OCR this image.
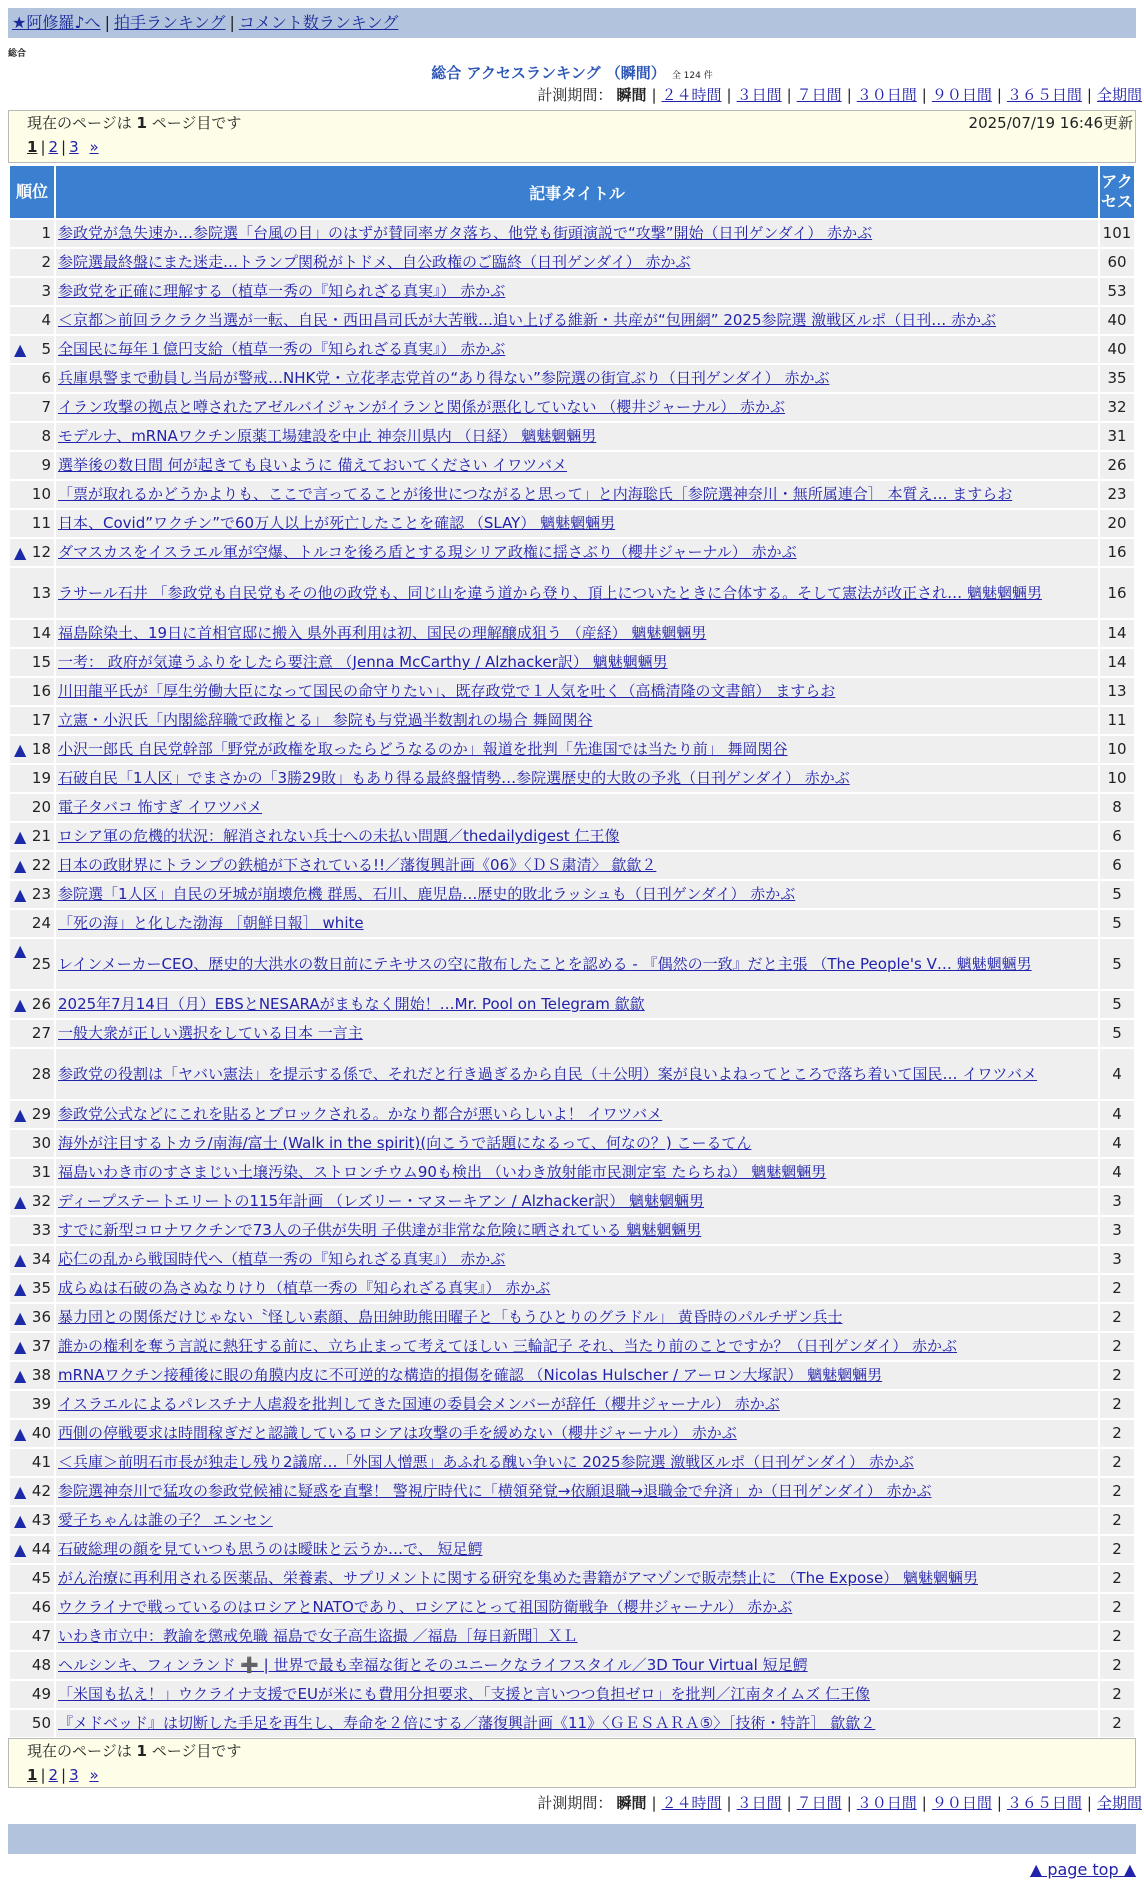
★阿修羅♪へ | 拍手ランキング | コメント数ランキング
総合
総合 アクセスランキング （瞬間） 全 124 件
計測期間： 瞬間 | ２４時間 | ３日間 | ７日間 | ３０日間 | ９０日間 | ３６５日間 | 全期間
現在のページは 1 ページ目です	2025/07/19 16:46更新
1 | 2 | 3 »
順位	記事タイトル	アクセス
1	参政党が急失速か…参院選「台風の目」のはずが賛同率ガタ落ち、他党も街頭演説で“攻撃”開始（日刊ゲンダイ） 赤かぶ	101
2	参院選最終盤にまた迷走…トランプ関税がトドメ、自公政権のご臨終（日刊ゲンダイ） 赤かぶ	60
3	参政党を正確に理解する（植草一秀の『知られざる真実』） 赤かぶ	53
4	＜京都＞前回ラクラク当選が一転、自民・西田昌司氏が大苦戦…追い上げる維新・共産が“包囲網” 2025参院選 激戦区ルポ（日刊… 赤かぶ	40

▲ 5	全国民に毎年１億円支給（植草一秀の『知られざる真実』） 赤かぶ	40
6	兵庫県警まで動員し当局が警戒…NHK党・立花孝志党首の“あり得ない”参院選の街宣ぶり（日刊ゲンダイ） 赤かぶ	35
7	イラン攻撃の拠点と噂されたアゼルバイジャンがイランと関係が悪化していない （櫻井ジャーナル） 赤かぶ	32
8	モデルナ、mRNAワクチン原薬工場建設を中止 神奈川県内 （日経） 魑魅魍魎男	31
9	選挙後の数日間 何が起きても良いように 備えておいてください イワツバメ	26
10	「票が取れるかどうかよりも、ここで言ってることが後世につながると思って」と内海聡氏［参院選神奈川・無所属連合］ 本質え… ますらお	23
11	日本、Covid”ワクチン”で60万人以上が死亡したことを確認 （SLAY） 魑魅魍魎男	20

▲ 12	ダマスカスをイスラエル軍が空爆、トルコを後ろ盾とする現シリア政権に揺さぶり（櫻井ジャーナル） 赤かぶ	16
13	ラサール石井 「参政党も自民党もその他の政党も、同じ山を違う道から登り、頂上についたときに合体する。そして憲法が改正され… 魑魅魍魎男	16
14	福島除染土、19日に首相官邸に搬入 県外再利用は初、国民の理解醸成狙う （産経） 魑魅魍魎男	14
15	一考： 政府が気違うふりをしたら要注意 （Jenna McCarthy / Alzhacker訳） 魑魅魍魎男	14
16	川田龍平氏が「厚生労働大臣になって国民の命守りたい」、既存政党で１人気を吐く（高橋清隆の文書館） ますらお	13
17	立憲・小沢氏「内閣総辞職で政権とる」 参院も与党過半数割れの場合 舞岡関谷	11

▲ 18	小沢一郎氏 自民党幹部「野党が政権を取ったらどうなるのか」報道を批判「先進国では当たり前」 舞岡関谷	10
19	石破自民「1人区」でまさかの「3勝29敗」もあり得る最終盤情勢…参院選歴史的大敗の予兆（日刊ゲンダイ） 赤かぶ	10
20	電子タバコ 怖すぎ イワツバメ	8

▲ 21	ロシア軍の危機的状況：解消されない兵士への未払い問題／thedailydigest 仁王像	6

▲ 22	日本の政財界にトランプの鉄槌が下されている!!／藩復興計画《06》〈ＤＳ粛清〉 歙歙２	6

▲ 23	参院選「1人区」自民の牙城が崩壊危機 群馬、石川、鹿児島…歴史的敗北ラッシュも（日刊ゲンダイ） 赤かぶ	5
24	「死の海」と化した渤海 ［朝鮮日報］ white	5

▲
25	レインメーカーCEO、歴史的大洪水の数日前にテキサスの空に散布したことを認める - 『偶然の一致』だと主張 （The People's V… 魑魅魍魎男	5

▲ 26	2025年7月14日（月）EBSとNESARAがまもなく開始！…Mr. Pool on Telegram 歙歙	5
27	一般大衆が正しい選択をしている日本 一言主	5
28	参政党の役割は「ヤバい憲法」を提示する係で、それだと行き過ぎるから自民（＋公明）案が良いよねってところで落ち着いて国民… イワツバメ	4

▲ 29	参政党公式などにこれを貼るとブロックされる。かなり都合が悪いらしいよ！ イワツバメ	4
30	海外が注目するトカラ/南海/富士 (Walk in the spirit)(向こうで話題になるって、何なの？) こーるてん	4
31	福島いわき市のすさまじい土壌汚染、ストロンチウム90も検出 （いわき放射能市民測定室 たらちね） 魑魅魍魎男	4

▲ 32	ディープステートエリートの115年計画 （レズリー・マヌーキアン / Alzhacker訳） 魑魅魍魎男	3
33	すでに新型コロナワクチンで73人の子供が失明 子供達が非常な危険に晒されている 魑魅魍魎男	3

▲ 34	応仁の乱から戦国時代へ（植草一秀の『知られざる真実』） 赤かぶ	3

▲ 35	成らぬは石破の為さぬなりけり（植草一秀の『知られざる真実』） 赤かぶ	2

▲ 36	暴力団との関係だけじゃない〝怪しい素顔、島田紳助熊田曜子と「もうひとりのグラドル」 黄昏時のパルチザン兵士	2

▲ 37	誰かの権利を奪う言説に熱狂する前に、立ち止まって考えてほしい 三輪記子 それ、当たり前のことですか？（日刊ゲンダイ） 赤かぶ	2

▲ 38	mRNAワクチン接種後に眼の角膜内皮に不可逆的な構造的損傷を確認 （Nicolas Hulscher / アーロン大塚訳） 魑魅魍魎男	2
39	イスラエルによるパレスチナ人虐殺を批判してきた国連の委員会メンバーが辞任（櫻井ジャーナル） 赤かぶ	2

▲ 40	西側の停戦要求は時間稼ぎだと認識しているロシアは攻撃の手を緩めない（櫻井ジャーナル） 赤かぶ	2
41	＜兵庫＞前明石市長が独走し残り2議席…「外国人憎悪」あふれる醜い争いに 2025参院選 激戦区ルポ（日刊ゲンダイ） 赤かぶ	2

▲ 42	参院選神奈川で猛攻の参政党候補に疑惑を直撃！ 警視庁時代に「横領発覚→依願退職→退職金で弁済」か（日刊ゲンダイ） 赤かぶ	2

▲ 43	愛子ちゃんは誰の子？ エンセン	2

▲ 44	石破総理の顔を見ていつも思うのは曖昧と云うか…で、 短足鰐	2
45	がん治療に再利用される医薬品、栄養素、サプリメントに関する研究を集めた書籍がアマゾンで販売禁止に （The Expose） 魑魅魍魎男	2
46	ウクライナで戦っているのはロシアとNATOであり、ロシアにとって祖国防衛戦争（櫻井ジャーナル） 赤かぶ	2
47	いわき市立中：教諭を懲戒免職 福島で女子高生盗撮 ／福島［毎日新聞］ＸＬ	2
48	ヘルシンキ、フィンランド ➕ | 世界で最も幸福な街とそのユニークなライフスタイル／3D Tour Virtual 短足鰐	2
49	「米国も払え！」ウクライナ支援でEUが米にも費用分担要求、「支援と言いつつ負担ゼロ」を批判／江南タイムズ 仁王像	2
50	『メドベッド』は切断した手足を再生し、寿命を２倍にする／藩復興計画《11》〈ＧＥＳＡＲＡ⑤〉［技術・特許］ 歙歙２	2
現在のページは 1 ページ目です
1 | 2 | 3 »
計測期間： 瞬間 | ２４時間 | ３日間 | ７日間 | ３０日間 | ９０日間 | ３６５日間 | 全期間
▲ page top ▲
